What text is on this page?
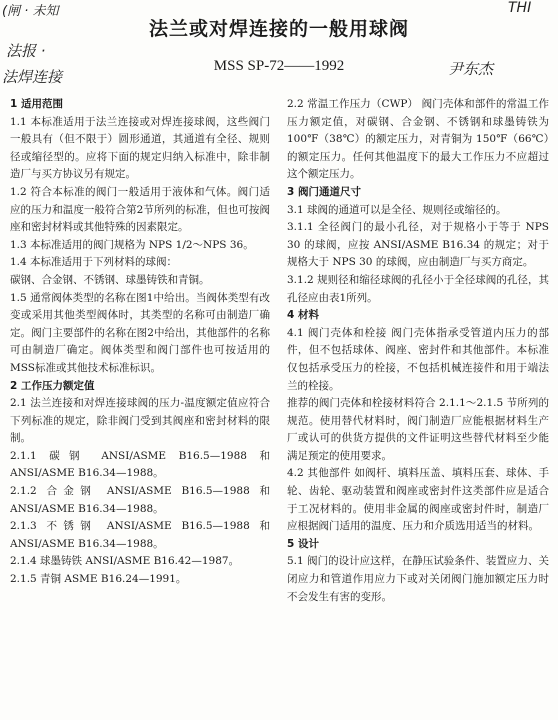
(闸 · 未知
法报 ·
法焊连接
THI
尹东杰
法兰或对焊连接的一般用球阀
MSS SP-72——1992
1 适用范围

1.1 本标准适用于法兰连接或对焊连接球阀，这些阀门一般具有（但不限于）圆形通道，其通道有全径、规则径或缩径型的。应将下面的规定归纳入标准中，除非制造厂与买方协议另有规定。

1.2 符合本标准的阀门一般适用于液体和气体。阀门适应的压力和温度一般符合第2节所列的标准，但也可按阀座和密封材料或其他特殊的因素限定。

1.3 本标准适用的阀门规格为 NPS 1/2～NPS 36。

1.4 本标准适用于下列材料的球阀：

碳钢、合金钢、不锈钢、球墨铸铁和青铜。

1.5 通常阀体类型的名称在图1中给出。当阀体类型有改变或采用其他类型阀体时，其类型的名称可由制造厂确定。阀门主要部件的名称在图2中给出，其他部件的名称可由制造厂确定。阀体类型和阀门部件也可按适用的MSS标准或其他技术标准标识。

2 工作压力额定值

2.1 法兰连接和对焊连接球阀的压力-温度额定值应符合下列标准的规定，除非阀门受到其阀座和密封材料的限制。

2.1.1 碳钢 ANSI/ASME B16.5—1988 和 ANSI/ASME B16.34—1988。

2.1.2 合金钢 ANSI/ASME B16.5—1988 和 ANSI/ASME B16.34—1988。

2.1.3 不锈钢 ANSI/ASME B16.5—1988 和 ANSI/ASME B16.34—1988。

2.1.4 球墨铸铁 ANSI/ASME B16.42—1987。

2.1.5 青铜 ASME B16.24—1991。

2.2 常温工作压力（CWP） 阀门壳体和部件的常温工作压力额定值，对碳钢、合金钢、不锈钢和球墨铸铁为 100℉（38℃）的额定压力，对青铜为 150℉（66℃）的额定压力。任何其他温度下的最大工作压力不应超过这个额定压力。

3 阀门通道尺寸

3.1 球阀的通道可以是全径、规则径或缩径的。

3.1.1 全径阀门的最小孔径，对于规格小于等于 NPS 30 的球阀，应按 ANSI/ASME B16.34 的规定；对于规格大于 NPS 30 的球阀，应由制造厂与买方商定。

3.1.2 规则径和缩径球阀的孔径小于全径球阀的孔径，其孔径应由表1所列。

4 材料

4.1 阀门壳体和栓接 阀门壳体指承受管道内压力的部件，但不包括球体、阀座、密封件和其他部件。本标准仅包括承受压力的栓接，不包括机械连接件和用于端法兰的栓接。

推荐的阀门壳体和栓接材料符合 2.1.1～2.1.5 节所列的规范。使用替代材料时，阀门制造厂应能根据材料生产厂或认可的供货方提供的文件证明这些替代材料至少能满足预定的使用要求。

4.2 其他部件 如阀杆、填料压盖、填料压套、球体、手轮、齿轮、驱动装置和阀座或密封件这类部件应是适合于工况材料的。使用非金属的阀座或密封件时，制造厂应根据阀门适用的温度、压力和介质选用适当的材料。

5 设计

5.1 阀门的设计应这样，在静压试验条件、装置应力、关闭应力和管道作用应力下或对关闭阀门施加额定压力时不会发生有害的变形。
